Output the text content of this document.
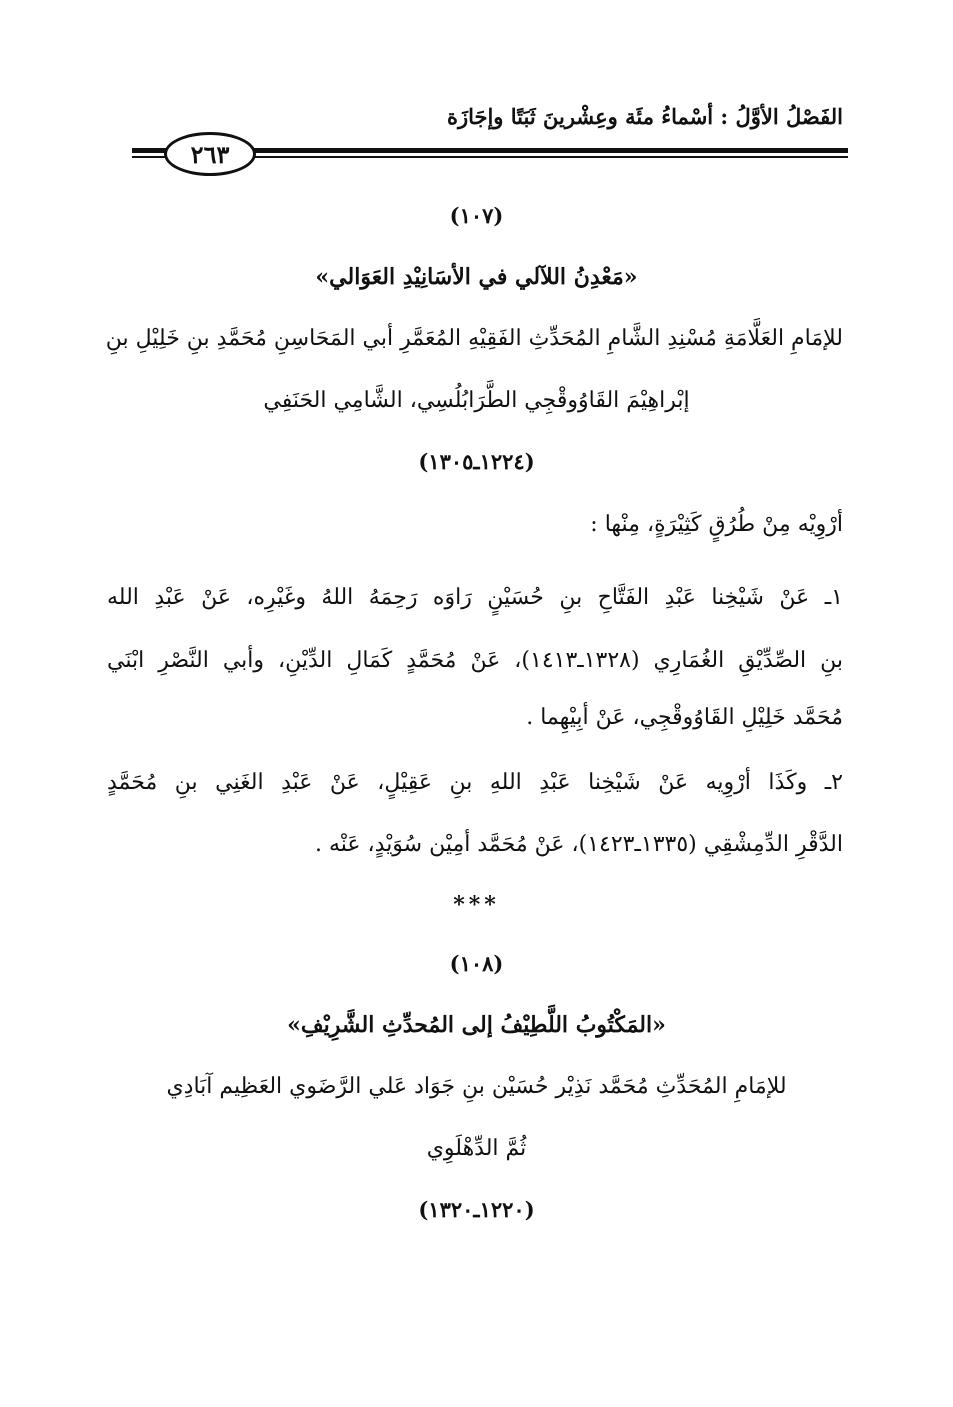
الفَصْلُ الأوَّلُ : أسْماءُ مئَة وعِشْرينَ ثَبَتًا وإجَازَة
٢٦٣
(١٠٧)
«مَعْدِنُ اللآلي في الأسَانِيْدِ العَوَالي»
للإمَامِ العَلَّامَةِ مُسْنِدِ الشَّامِ المُحَدِّثِ الفَقِيْهِ المُعَمَّرِ أبي المَحَاسِنِ مُحَمَّدِ بنِ خَلِيْلِ بنِ
إبْراهِيْمَ القَاوُوقْجِي الطَّرَابُلُسِي، الشَّامِي الحَنَفِي
(١٢٢٤ـ١٣٠٥)
أرْوِيْه مِنْ طُرُقٍ كَثِيْرَةٍ، مِنْها :
١ـ عَنْ شَيْخِنا عَبْدِ الفَتَّاحِ بنِ حُسَيْنٍ رَاوَه رَحِمَهُ اللهُ وغَيْرِه، عَنْ عَبْدِ الله
بنِ الصِّدِّيْقِ الغُمَارِي (١٣٢٨ـ١٤١٣)، عَنْ مُحَمَّدٍ كَمَالِ الدِّيْنِ، وأبي النَّصْرِ ابْنَي
مُحَمَّد خَلِيْلِ القَاوُوقْجِي، عَنْ أبِيْهِما .
٢ـ وكَذَا أرْوِيه عَنْ شَيْخِنا عَبْدِ اللهِ بنِ عَقِيْلٍ، عَنْ عَبْدِ الغَنِي بنِ مُحَمَّدٍ
الدَّقْرِ الدِّمِشْقِي (١٣٣٥ـ١٤٢٣)، عَنْ مُحَمَّد أمِيْن سُوَيْدٍ، عَنْه .
***
(١٠٨)
«المَكْتُوبُ اللَّطِيْفُ إلى المُحدِّثِ الشَّرِيْفِ»
للإمَامِ المُحَدِّثِ مُحَمَّد نَذِيْر حُسَيْن بنِ جَوَاد عَلي الرَّضَوي العَظِيم آبَادِي
ثُمَّ الدِّهْلَوِي
(١٢٢٠ـ١٣٢٠)
